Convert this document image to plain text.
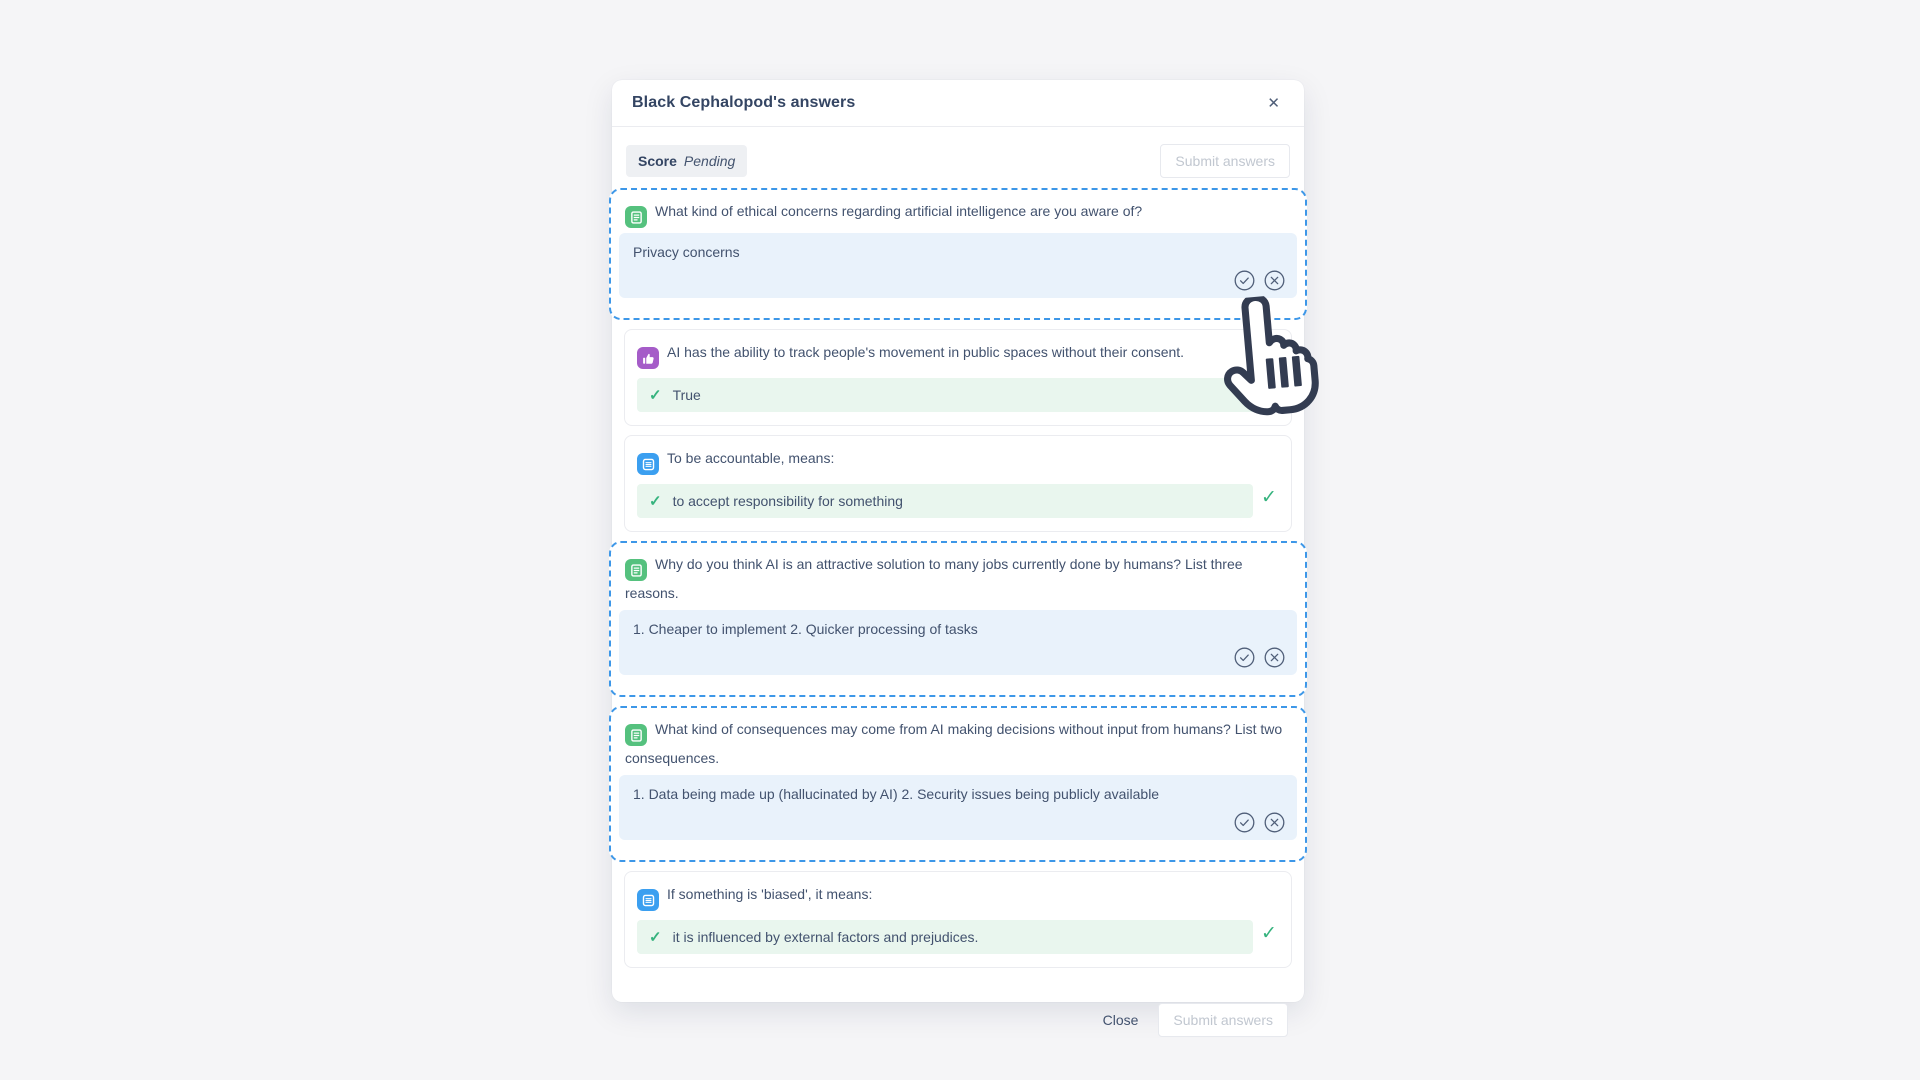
Black Cephalopod's answers	✕
Score Pending	Submit answers
What kind of ethical concerns regarding artificial intelligence are you aware of?
Privacy concerns
AI has the ability to track people's movement in public spaces without their consent.
✓ True
To be accountable, means:
✓ to accept responsibility for something	✓
Why do you think AI is an attractive solution to many jobs currently done by humans? List three reasons.
1. Cheaper to implement 2. Quicker processing of tasks
What kind of consequences may come from AI making decisions without input from humans? List two consequences.
1. Data being made up (hallucinated by AI) 2. Security issues being publicly available
If something is 'biased', it means:
✓ it is influenced by external factors and prejudices.	✓
Close	Submit answers
